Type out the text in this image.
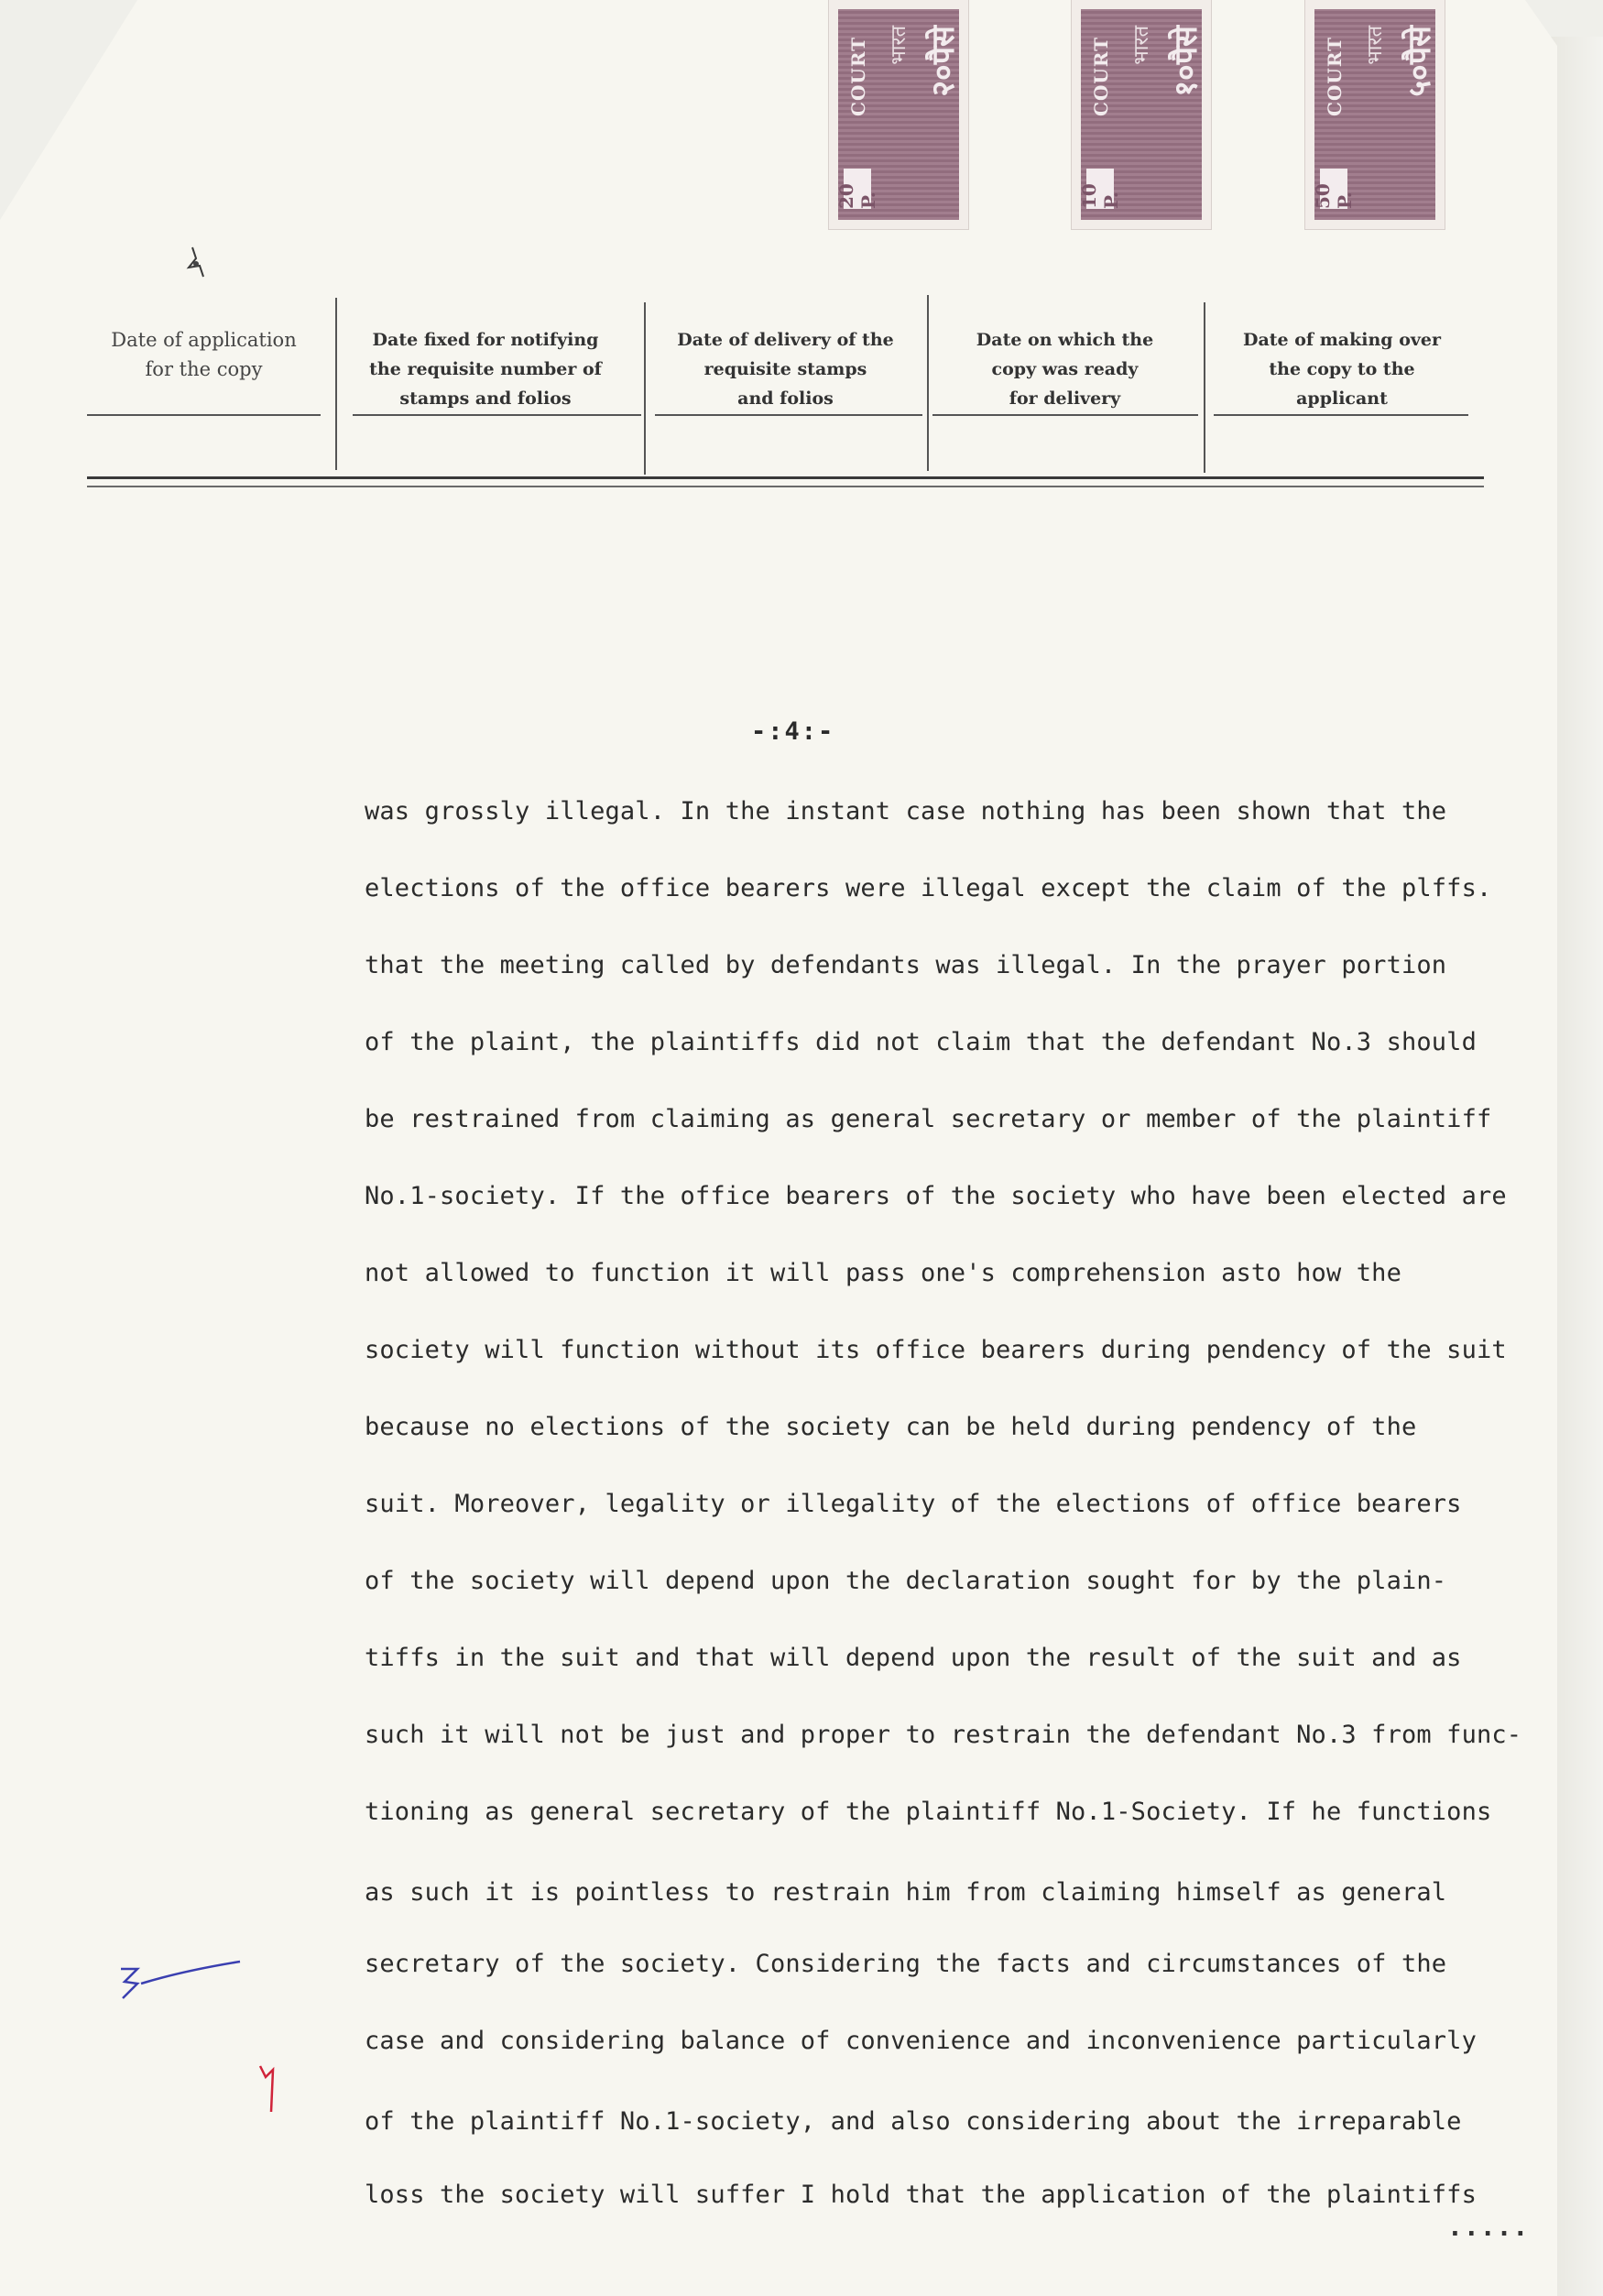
20 P.
COURT भारत २०पैसे
10 P.
COURT भारत १०पैसे
50 P.
COURT भारत ५०पैसे
Date of application
for the copy
Date fixed for notifying
the requisite number of
stamps and folios
Date of delivery of the
requisite stamps
and folios
Date on which the
copy was ready
for delivery
Date of making over
the copy to the
applicant
-:4:-
was grossly illegal. In the instant case nothing has been shown that the
elections of the office bearers were illegal except the claim of the plffs.
that the meeting called by defendants was illegal. In the prayer portion
of the plaint, the plaintiffs did not claim that the defendant No.3 should
be restrained from claiming as general secretary or member of the plaintiff
No.1-society. If the office bearers of the society who have been elected are
not allowed to function it will pass one's comprehension asto how the
society will function without its office bearers during pendency of the suit
because no elections of the society can be held during pendency of the
suit. Moreover, legality or illegality of the elections of office bearers
of the society will depend upon the declaration sought for by the plain-
tiffs in the suit and that will depend upon the result of the suit and as
such it will not be just and proper to restrain the defendant No.3 from func-
tioning as general secretary of the plaintiff No.1-Society. If he functions
as such it is pointless to restrain him from claiming himself as general
secretary of the society. Considering the facts and circumstances of the
case and considering balance of convenience and inconvenience particularly
of the plaintiff No.1-society, and also considering about the irreparable
loss the society will suffer I hold that the application of the plaintiffs
.....
